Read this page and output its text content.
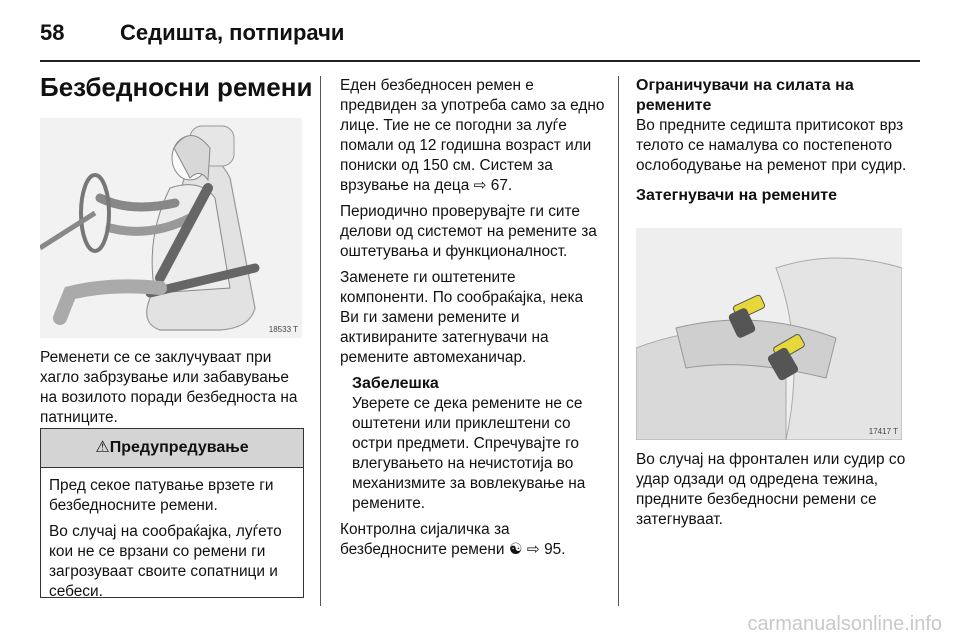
58	Седишта, потпирачи
Безбедносни ремени
18533 T

Ременети се се заклучуваат при хагло забрзување или забавување на возилото поради безбедноста на патниците.

⚠Предупредување

Пред секое патување врзете ги безбедносните ремени.

Во случај на сообраќајка, луѓето кои не се врзани со ремени ги загрозуваат своите сопатници и себеси.

Еден безбедносен ремен е предвиден за употреба само за едно лице. Тие не се погодни за луѓе помали од 12 годишна возраст или пониски од 150 см. Систем за врзување на деца ⇨ 67.

Периодично проверувајте ги сите делови од системот на ремените за оштетувања и функционалност.

Заменете ги оштетените компоненти. По сообраќајка, нека Ви ги замени ремените и активираните затегнувачи на ремените автомеханичар.

Забелешка

Уверете се дека ремените не се оштетени или приклештени со остри предмети. Спречувајте го влегувањето на нечистотија во механизмите за вовлекување на ремените.

Контролна сијаличка за
безбедносните ремени ☯ ⇨ 95.

Ограничувачи на силата на ремените

Во предните седишта притисокот врз телото се намалува со постепеното ослободување на ременот при судир.

Затегнувачи на ремените
17417 T

Во случај на фронтален или судир со удар одзади од одредена тежина, предните безбедносни ремени се затегнуваат.

carmanualsonline.info
